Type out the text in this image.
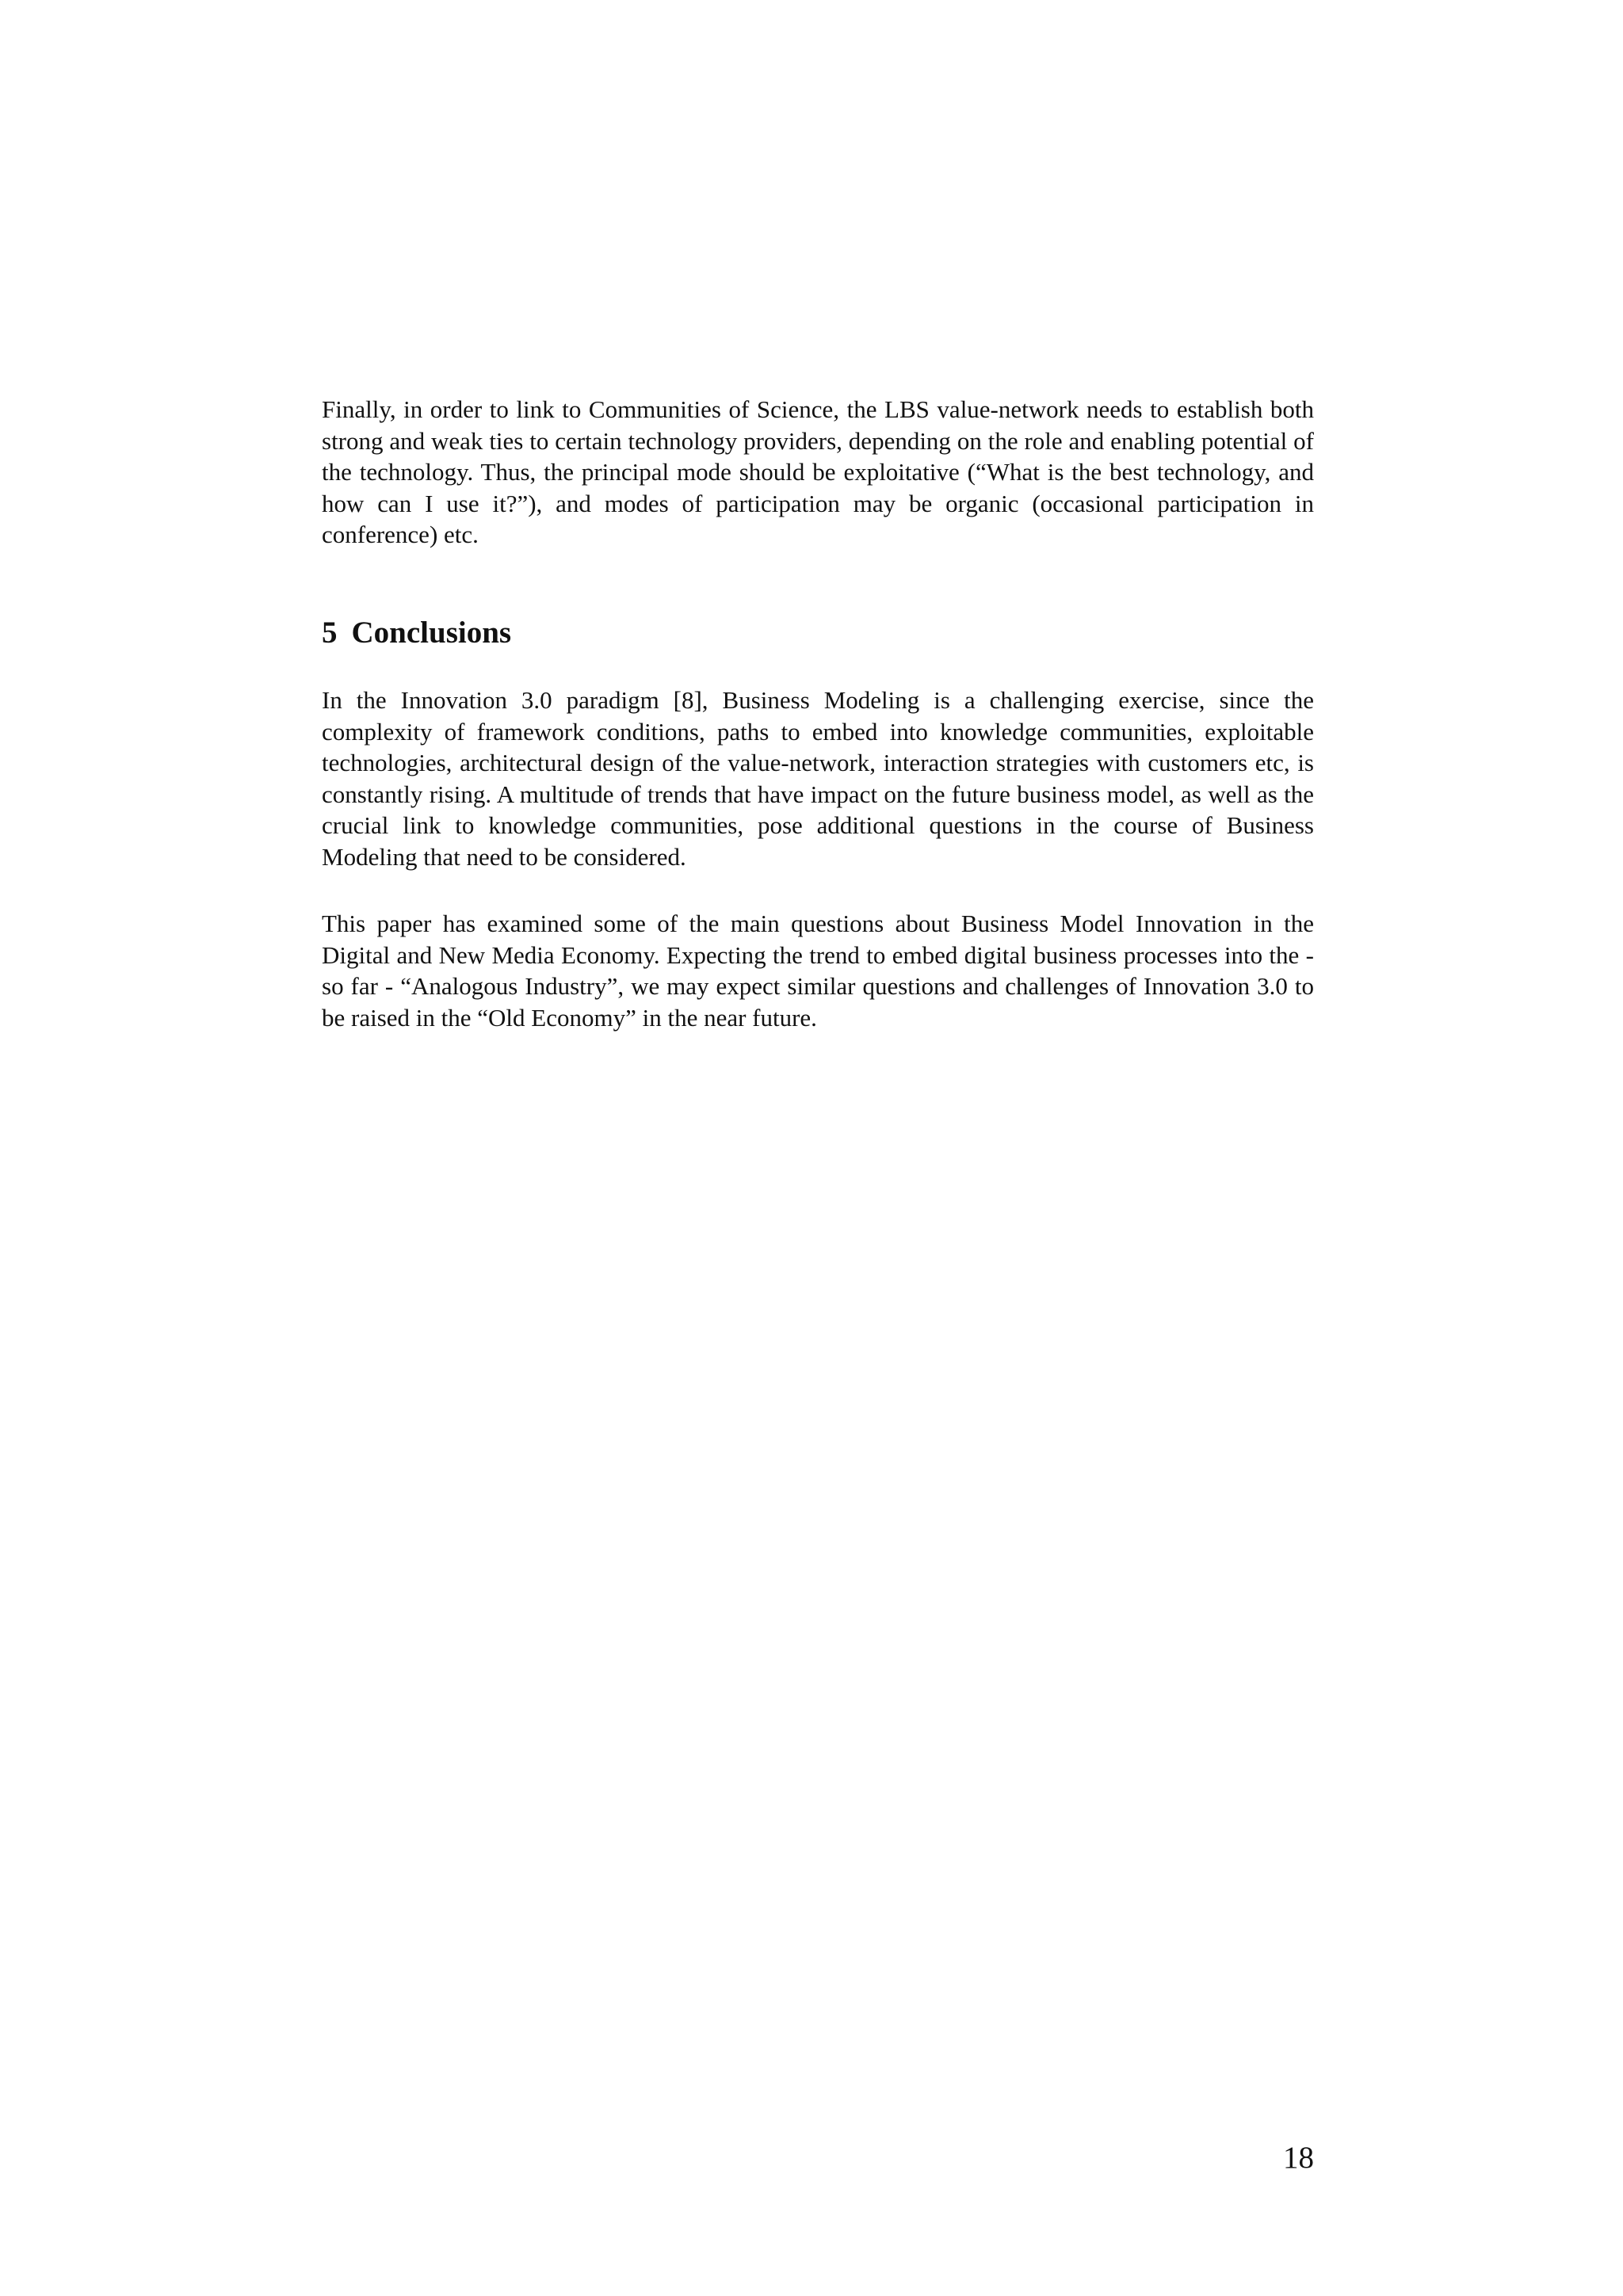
Finally, in order to link to Communities of Science, the LBS value-network needs to establish both strong and weak ties to certain technology providers, depending on the role and enabling potential of the technology. Thus, the principal mode should be exploitative (“What is the best technology, and how can I use it?”), and modes of participation may be organic (occasional participation in conference) etc.

5 Conclusions

In the Innovation 3.0 paradigm [8], Business Modeling is a challenging exercise, since the complexity of framework conditions, paths to embed into knowledge communities, exploitable technologies, architectural design of the value-network, interaction strategies with customers etc, is constantly rising. A multitude of trends that have impact on the future business model, as well as the crucial link to knowledge communities, pose additional questions in the course of Business Modeling that need to be considered.

This paper has examined some of the main questions about Business Model Innovation in the Digital and New Media Economy. Expecting the trend to embed digital business processes into the - so far - “Analogous Industry”, we may expect similar questions and challenges of Innovation 3.0 to be raised in the “Old Economy” in the near future.

18
